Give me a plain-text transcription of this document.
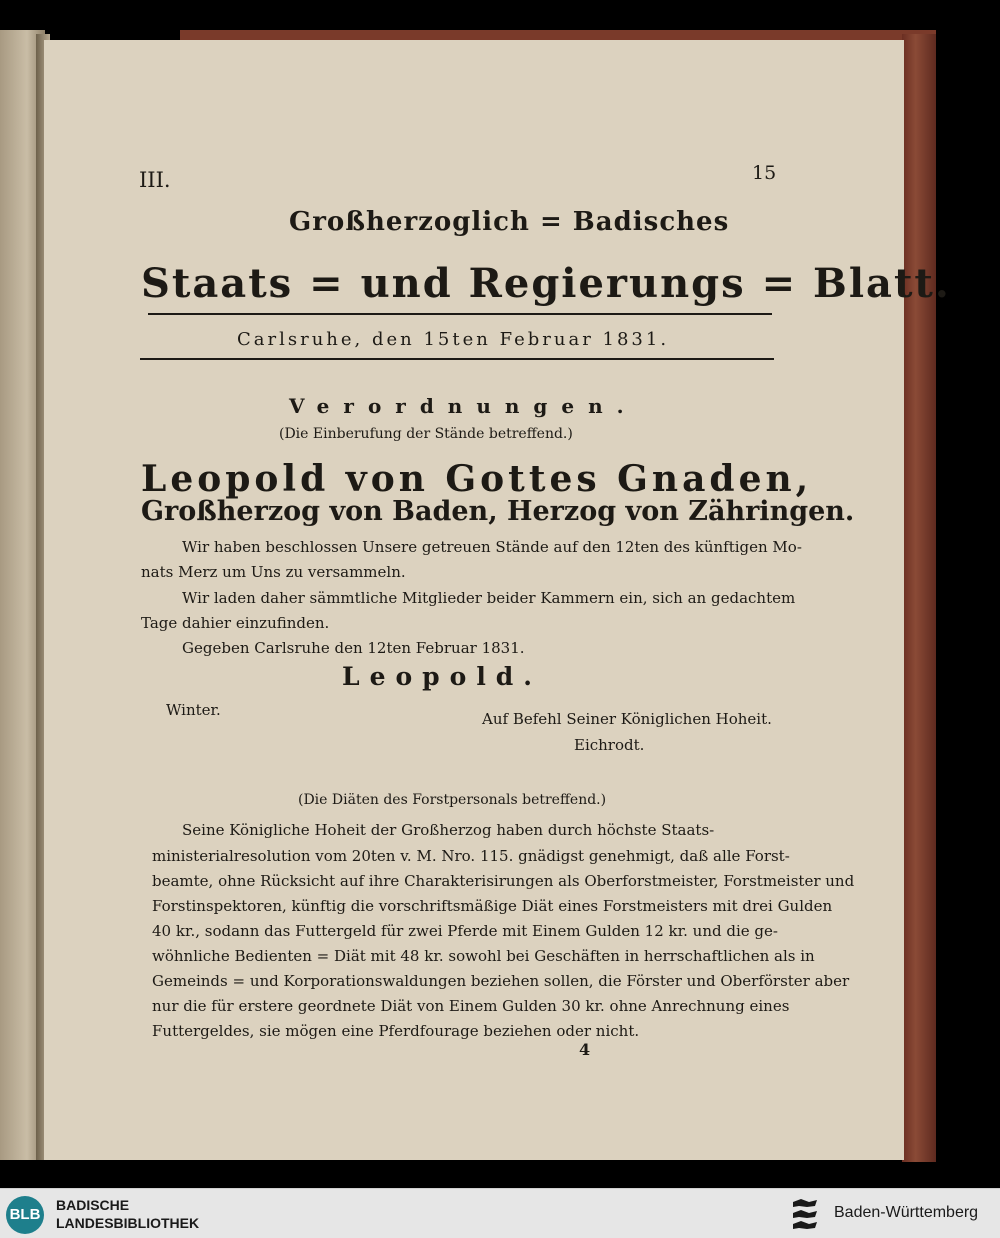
III.	15
Großherzoglich = Badisches
Staats = und Regierungs = Blatt.
Carlsruhe, den 15ten Februar 1831.
Verordnungen.
(Die Einberufung der Stände betreffend.)
Leopold von Gottes Gnaden,
Großherzog von Baden, Herzog von Zähringen.
Wir haben beschlossen Unsere getreuen Stände auf den 12ten des künftigen Mo-
nats Merz um Uns zu versammeln.
Wir laden daher sämmtliche Mitglieder beider Kammern ein, sich an gedachtem
Tage dahier einzufinden.
Gegeben Carlsruhe den 12ten Februar 1831.
Leopold.
Winter.	Auf Befehl Seiner Königlichen Hoheit.
Eichrodt.
(Die Diäten des Forstpersonals betreffend.)
Seine Königliche Hoheit der Großherzog haben durch höchste Staats-
ministerialresolution vom 20ten v. M. Nro. 115. gnädigst genehmigt, daß alle Forst-
beamte, ohne Rücksicht auf ihre Charakterisirungen als Oberforstmeister, Forstmeister und
Forstinspektoren, künftig die vorschriftsmäßige Diät eines Forstmeisters mit drei Gulden
40 kr., sodann das Futtergeld für zwei Pferde mit Einem Gulden 12 kr. und die ge-
wöhnliche Bedienten = Diät mit 48 kr. sowohl bei Geschäften in herrschaftlichen als in
Gemeinds = und Korporationswaldungen beziehen sollen, die Förster und Oberförster aber
nur die für erstere geordnete Diät von Einem Gulden 30 kr. ohne Anrechnung eines
Futtergeldes, sie mögen eine Pferdfourage beziehen oder nicht.
4
BLB
BADISCHE
LANDESBIBLIOTHEK
Baden-Württemberg
